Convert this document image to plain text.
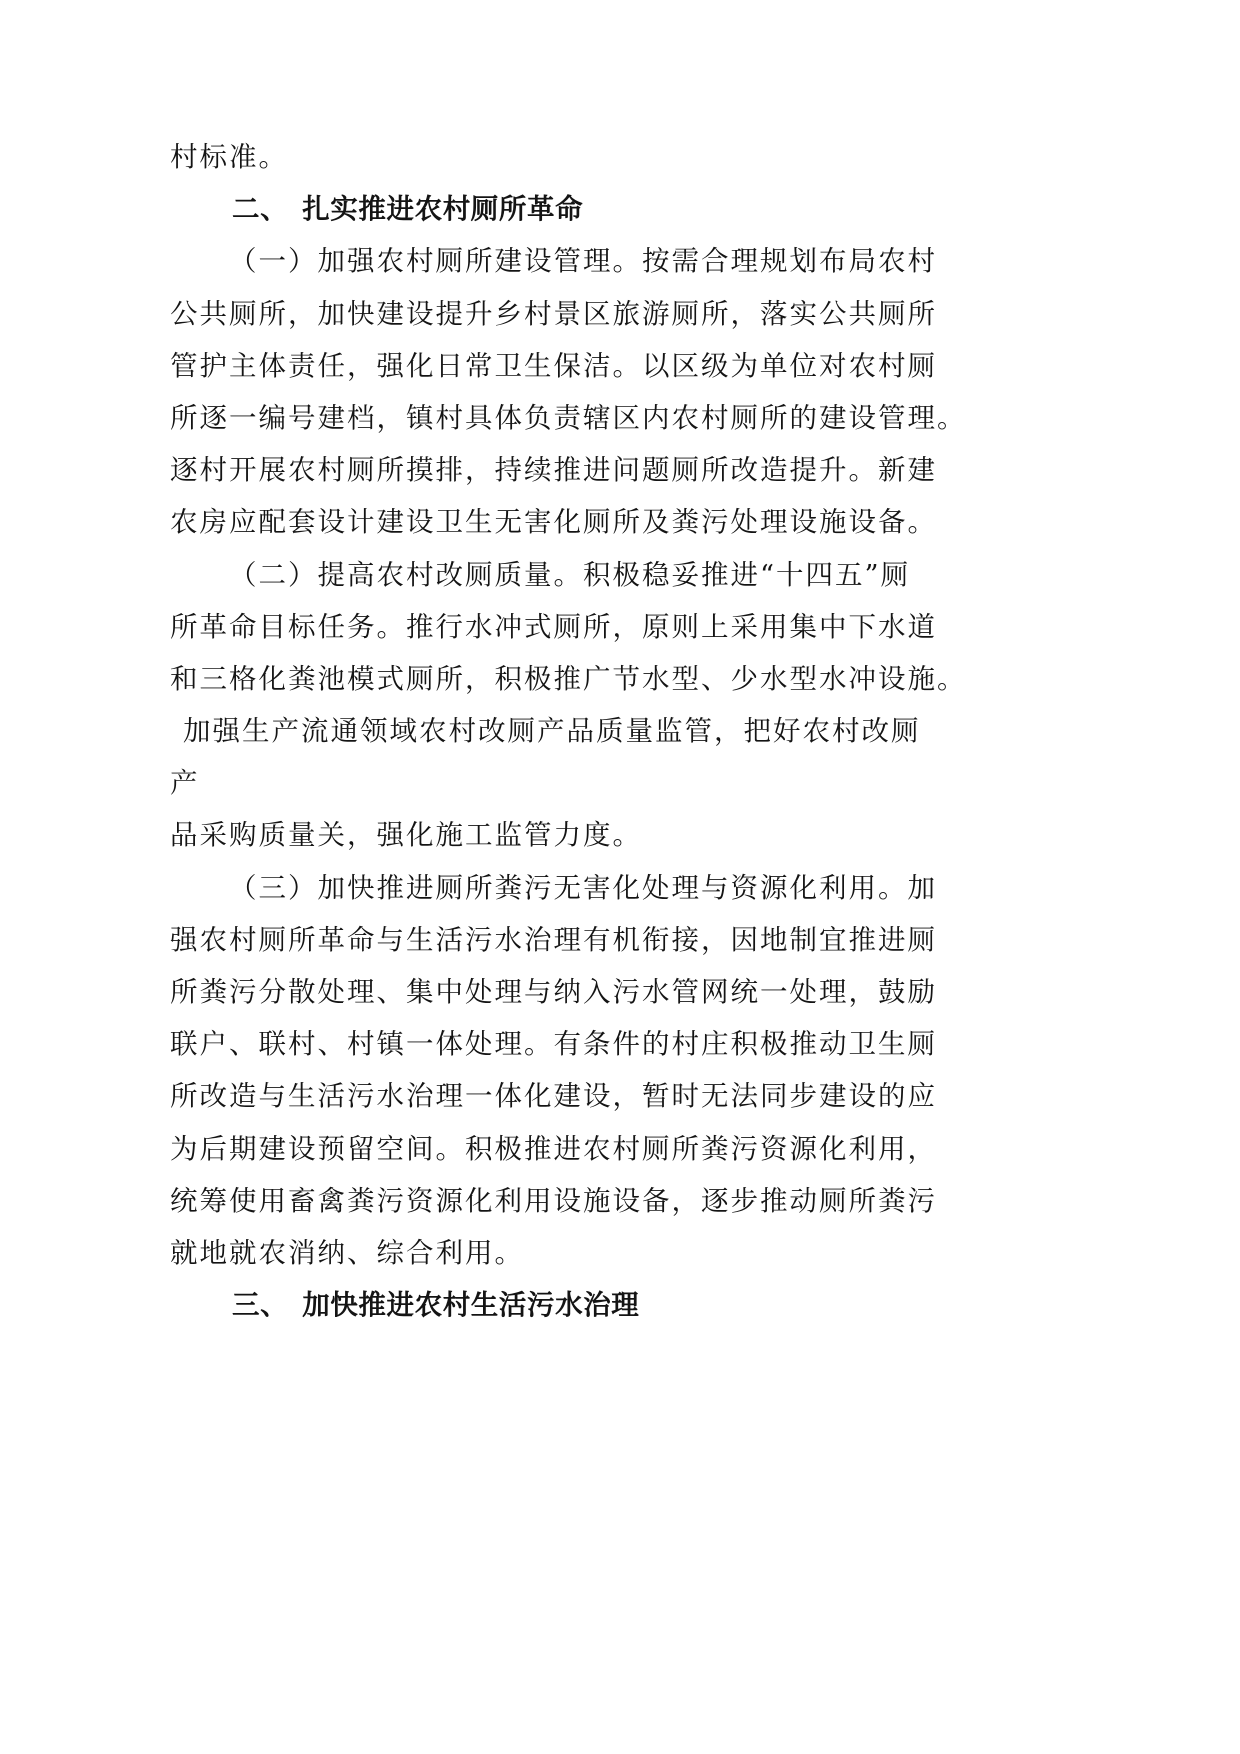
村标准。
二、 扎实推进农村厕所革命
（一）加强农村厕所建设管理。按需合理规划布局农村
公共厕所，加快建设提升乡村景区旅游厕所，落实公共厕所
管护主体责任，强化日常卫生保洁。以区级为单位对农村厕
所逐一编号建档，镇村具体负责辖区内农村厕所的建设管理。
逐村开展农村厕所摸排，持续推进问题厕所改造提升。新建
农房应配套设计建设卫生无害化厕所及粪污处理设施设备。
（二）提高农村改厕质量。积极稳妥推进“十四五”厕
所革命目标任务。推行水冲式厕所，原则上采用集中下水道
和三格化粪池模式厕所，积极推广节水型、少水型水冲设施。
加强生产流通领域农村改厕产品质量监管，把好农村改厕
产
品采购质量关，强化施工监管力度。
（三）加快推进厕所粪污无害化处理与资源化利用。加
强农村厕所革命与生活污水治理有机衔接，因地制宜推进厕
所粪污分散处理、集中处理与纳入污水管网统一处理，鼓励
联户、联村、村镇一体处理。有条件的村庄积极推动卫生厕
所改造与生活污水治理一体化建设，暂时无法同步建设的应
为后期建设预留空间。积极推进农村厕所粪污资源化利用，
统筹使用畜禽粪污资源化利用设施设备，逐步推动厕所粪污
就地就农消纳、综合利用。
三、 加快推进农村生活污水治理
